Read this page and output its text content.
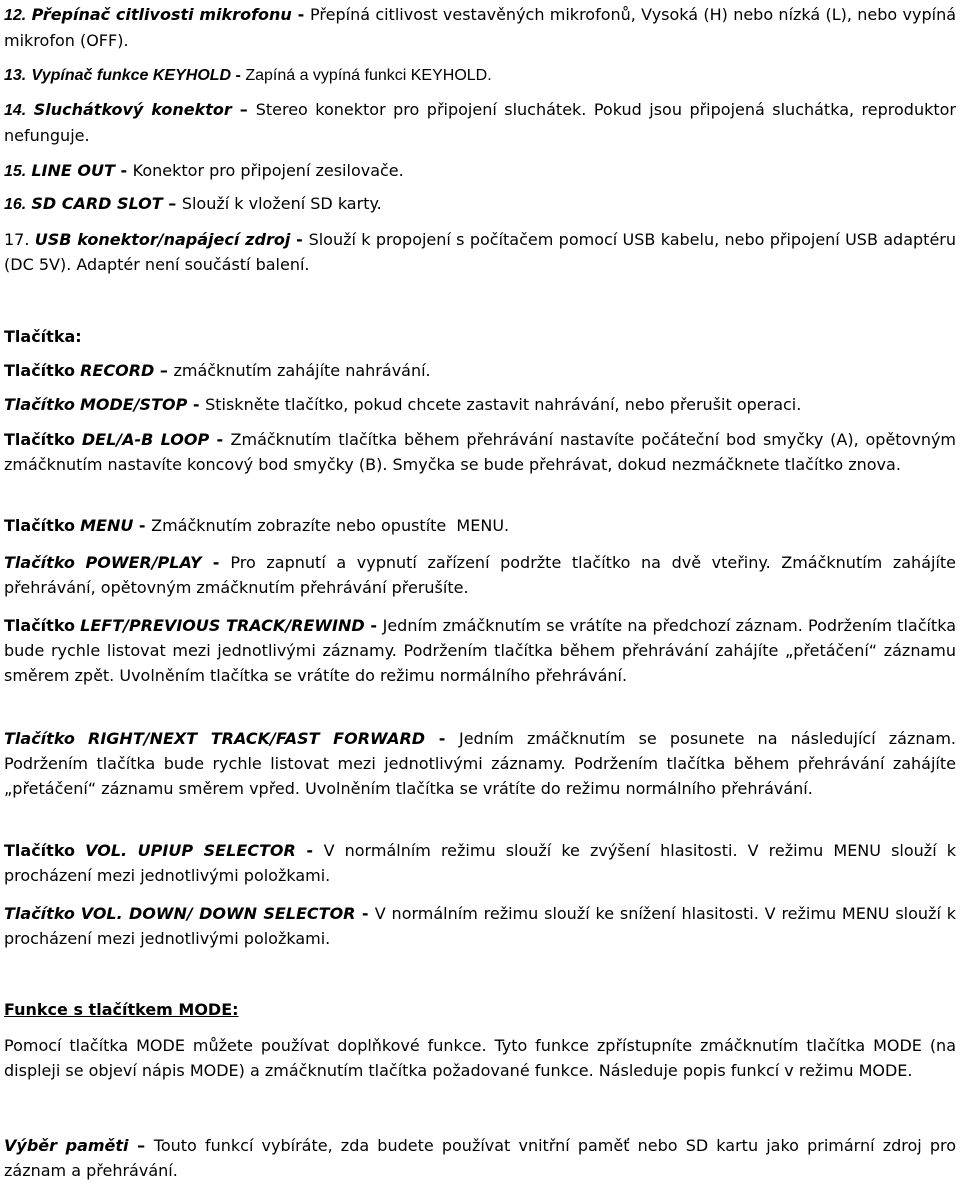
12. Přepínač citlivosti mikrofonu - Přepíná citlivost vestavěných mikrofonů, Vysoká (H) nebo nízká (L), nebo vypíná mikrofon (OFF).

13. Vypínač funkce KEYHOLD - Zapíná a vypíná funkci KEYHOLD.

14. Sluchátkový konektor – Stereo konektor pro připojení sluchátek. Pokud jsou připojená sluchátka, reproduktor nefunguje.

15. LINE OUT - Konektor pro připojení zesilovače.

16. SD CARD SLOT – Slouží k vložení SD karty.

17. USB konektor/napájecí zdroj - Slouží k propojení s počítačem pomocí USB kabelu, nebo připojení USB adaptéru (DC 5V). Adaptér není součástí balení.

Tlačítka:

Tlačítko RECORD – zmáčknutím zahájíte nahrávání.

Tlačítko MODE/STOP - Stiskněte tlačítko, pokud chcete zastavit nahrávání, nebo přerušit operaci.

Tlačítko DEL/A-B LOOP - Zmáčknutím tlačítka během přehrávání nastavíte počáteční bod smyčky (A), opětovným zmáčknutím nastavíte koncový bod smyčky (B). Smyčka se bude přehrávat, dokud nezmáčknete tlačítko znova.

Tlačítko MENU - Zmáčknutím zobrazíte nebo opustíte  MENU.

Tlačítko POWER/PLAY - Pro zapnutí a vypnutí zařízení podržte tlačítko na dvě vteřiny. Zmáčknutím zahájíte přehrávání, opětovným zmáčknutím přehrávání přerušíte.

Tlačítko LEFT/PREVIOUS TRACK/REWIND - Jedním zmáčknutím se vrátíte na předchozí záznam. Podržením tlačítka bude rychle listovat mezi jednotlivými záznamy. Podržením tlačítka během přehrávání zahájíte „přetáčení“ záznamu směrem zpět. Uvolněním tlačítka se vrátíte do režimu normálního přehrávání.

Tlačítko RIGHT/NEXT TRACK/FAST FORWARD - Jedním zmáčknutím se posunete na následující záznam. Podržením tlačítka bude rychle listovat mezi jednotlivými záznamy. Podržením tlačítka během přehrávání zahájíte „přetáčení“ záznamu směrem vpřed. Uvolněním tlačítka se vrátíte do režimu normálního přehrávání.

Tlačítko VOL. UPIUP SELECTOR - V normálním režimu slouží ke zvýšení hlasitosti. V režimu MENU slouží k procházení mezi jednotlivými položkami.

Tlačítko VOL. DOWN/ DOWN SELECTOR - V normálním režimu slouží ke snížení hlasitosti. V režimu MENU slouží k procházení mezi jednotlivými položkami.

Funkce s tlačítkem MODE:

Pomocí tlačítka MODE můžete používat doplňkové funkce. Tyto funkce zpřístupníte zmáčknutím tlačítka MODE (na displeji se objeví nápis MODE) a zmáčknutím tlačítka požadované funkce. Následuje popis funkcí v režimu MODE.

Výběr paměti – Touto funkcí vybíráte, zda budete používat vnitřní paměť nebo SD kartu jako primární zdroj pro záznam a přehrávání.
